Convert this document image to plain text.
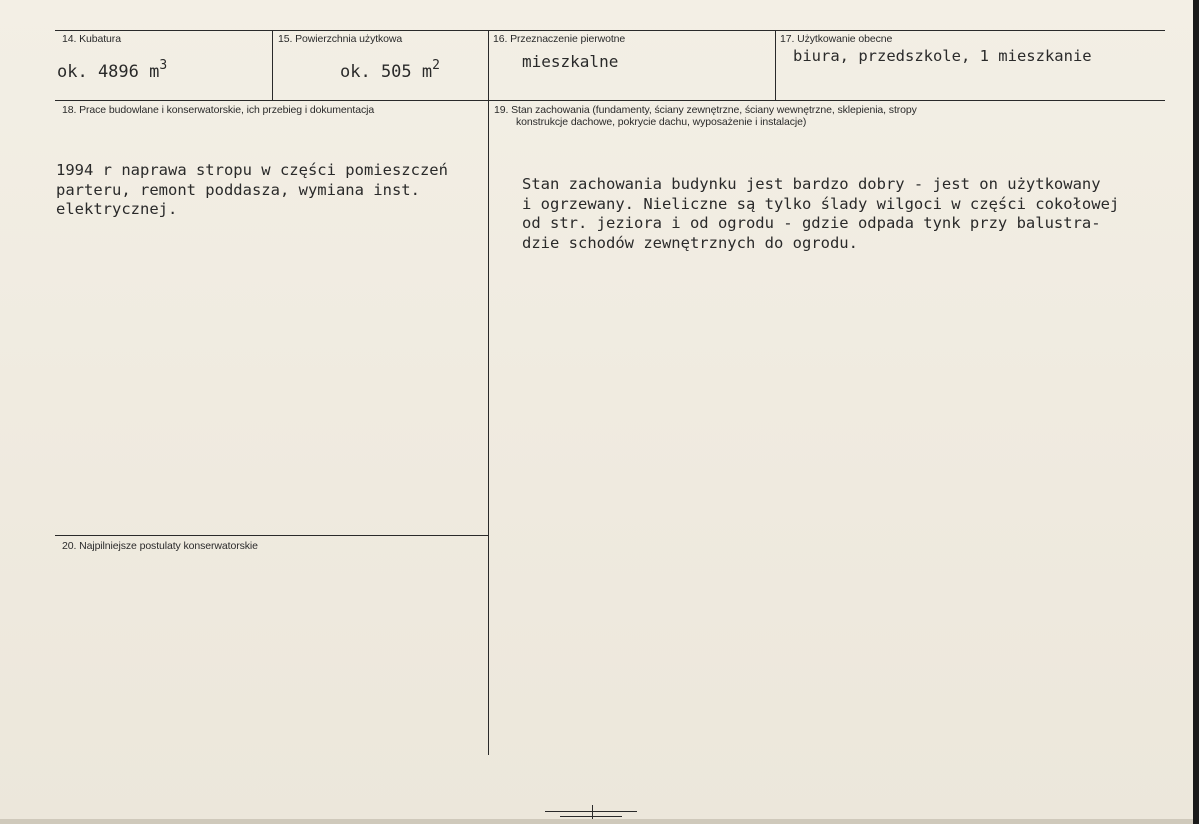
14. Kubatura
ok. 4896 $m^3$
15. Powierzchnia użytkowa
ok. 505 $m^2$
16. Przeznaczenie pierwotne
mieszkalne
17. Użytkowanie obecne
biura, przedszkole, 1 mieszkanie
18. Prace budowlane i konserwatorskie, ich przebieg i dokumentacja

1994 r naprawa stropu w części pomieszczeń
parteru, remont poddasza, wymiana inst.
elektrycznej.

19. Stan zachowania (fundamenty, ściany zewnętrzne, ściany wewnętrzne, sklepienia, stropy
konstrukcje dachowe, pokrycie dachu, wyposażenie i instalacje)

Stan zachowania budynku jest bardzo dobry - jest on użytkowany
i ogrzewany. Nieliczne są tylko ślady wilgoci w części cokołowej
od str. jeziora i od ogrodu - gdzie odpada tynk przy balustra-
dzie schodów zewnętrznych do ogrodu.

20. Najpilniejsze postulaty konserwatorskie
